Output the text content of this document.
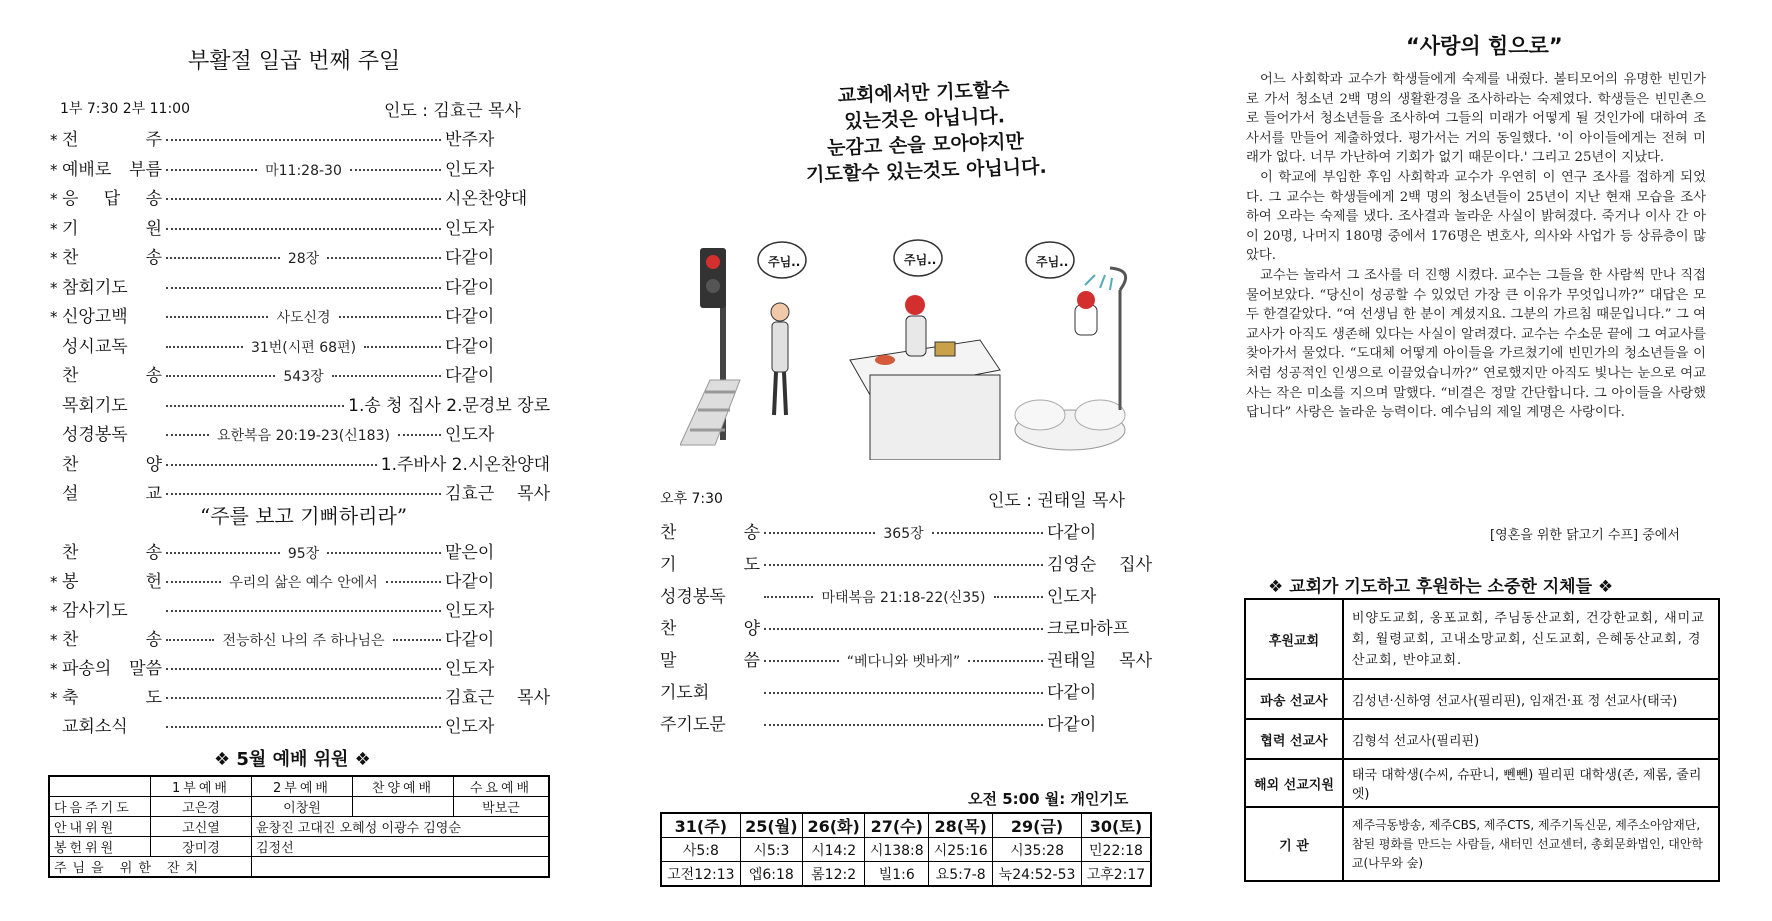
부활절 일곱 번째 주일
1부 7:30 2부 11:00	인도 : 김효근 목사
* 전 주	반주자
* 예배로 부름	마11:28-30	인도자
* 응 답 송	시온찬양대
* 기 원	인도자
* 찬 송	28장	다같이
* 참회기도	다같이
* 신앙고백	사도신경	다같이
성시교독	31번(시편 68편)	다같이
찬 송	543장	다같이
목회기도	1.송 청 집사 2.문경보 장로
성경봉독	요한복음 20:19-23(신183)	인도자
찬 양	1.주바사 2.시온찬양대
설 교	김효근 목사
“주를 보고 기뻐하리라”
찬 송	95장	맡은이
* 봉 헌	우리의 삶은 예수 안에서	다같이
* 감사기도	인도자
* 찬 송	전능하신 나의 주 하나님은	다같이
* 파송의 말씀	인도자
* 축 도	김효근 목사
교회소식	인도자
❖ 5월 예배 위원 ❖
	1부예배	2부예배	찬양예배	수요예배
다음주기도	고은경	이창원		박보근
안내위원	고신열	윤창진 고대진 오혜성 이광수 김영순		
봉헌위원	장미경	김정선		
주님을 위한 잔치				
교회에서만 기도할수
있는것은 아닙니다.
눈감고 손을 모아야지만
기도할수 있는것도 아닙니다.
주님..	주님..	주님..
오후 7:30	인도 : 권태일 목사
찬 송	365장	다같이
기 도	김영순 집사
성경봉독	마태복음 21:18-22(신35)	인도자
찬 양	크로마하프
말 씀	“베다니와 벳바게”	권태일 목사
기도회	다같이
주기도문	다같이
오전 5:00 월: 개인기도
31(주)	25(월)	26(화)	27(수)	28(목)	29(금)	30(토)
사5:8	시5:3	시14:2	시138:8	시25:16	시35:28	민22:18
고전12:13	엡6:18	롬12:2	빌1:6	요5:7-8	눅24:52-53	고후2:17
“사랑의 힘으로”

어느 사회학과 교수가 학생들에게 숙제를 내줬다. 볼티모어의 유명한 빈민가로 가서 청소년 2백 명의 생활환경을 조사하라는 숙제였다. 학생들은 빈민촌으로 들어가서 청소년들을 조사하여 그들의 미래가 어떻게 될 것인가에 대하여 조사서를 만들어 제출하였다. 평가서는 거의 동일했다. '이 아이들에게는 전혀 미래가 없다. 너무 가난하여 기회가 없기 때문이다.' 그리고 25년이 지났다.

이 학교에 부임한 후임 사회학과 교수가 우연히 이 연구 조사를 접하게 되었다. 그 교수는 학생들에게 2백 명의 청소년들이 25년이 지난 현재 모습을 조사하여 오라는 숙제를 냈다. 조사결과 놀라운 사실이 밝혀졌다. 죽거나 이사 간 아이 20명, 나머지 180명 중에서 176명은 변호사, 의사와 사업가 등 상류층이 많았다.

교수는 놀라서 그 조사를 더 진행 시켰다. 교수는 그들을 한 사람씩 만나 직접 물어보았다. “당신이 성공할 수 있었던 가장 큰 이유가 무엇입니까?” 대답은 모두 한결같았다. “여 선생님 한 분이 계셨지요. 그분의 가르침 때문입니다.” 그 여교사가 아직도 생존해 있다는 사실이 알려졌다. 교수는 수소문 끝에 그 여교사를 찾아가서 물었다. “도대체 어떻게 아이들을 가르쳤기에 빈민가의 청소년들을 이처럼 성공적인 인생으로 이끌었습니까?” 연로했지만 아직도 빛나는 눈으로 여교사는 작은 미소를 지으며 말했다. “비결은 정말 간단합니다. 그 아이들을 사랑했답니다” 사랑은 놀라운 능력이다. 예수님의 제일 계명은 사랑이다.

[영혼을 위한 닭고기 수프] 중에서
❖ 교회가 기도하고 후원하는 소중한 지체들 ❖
후원교회	비양도교회, 옹포교회, 주님동산교회, 건강한교회, 새미교회, 월령교회, 고내소망교회, 신도교회, 은혜동산교회, 경산교회, 반야교회.
파송 선교사	김성년·신하영 선교사(필리핀), 임재건·표 정 선교사(태국)
협력 선교사	김형석 선교사(필리핀)
해외 선교지원	태국 대학생(수씨, 슈판니, 뻰뻰) 필리핀 대학생(존, 제롬, 줄리엣)
기 관	제주극동방송, 제주CBS, 제주CTS, 제주기독신문, 제주소아암재단, 참된 평화를 만드는 사람들, 새터민 선교센터, 총회문화법인, 대안학교(나무와 숲)
